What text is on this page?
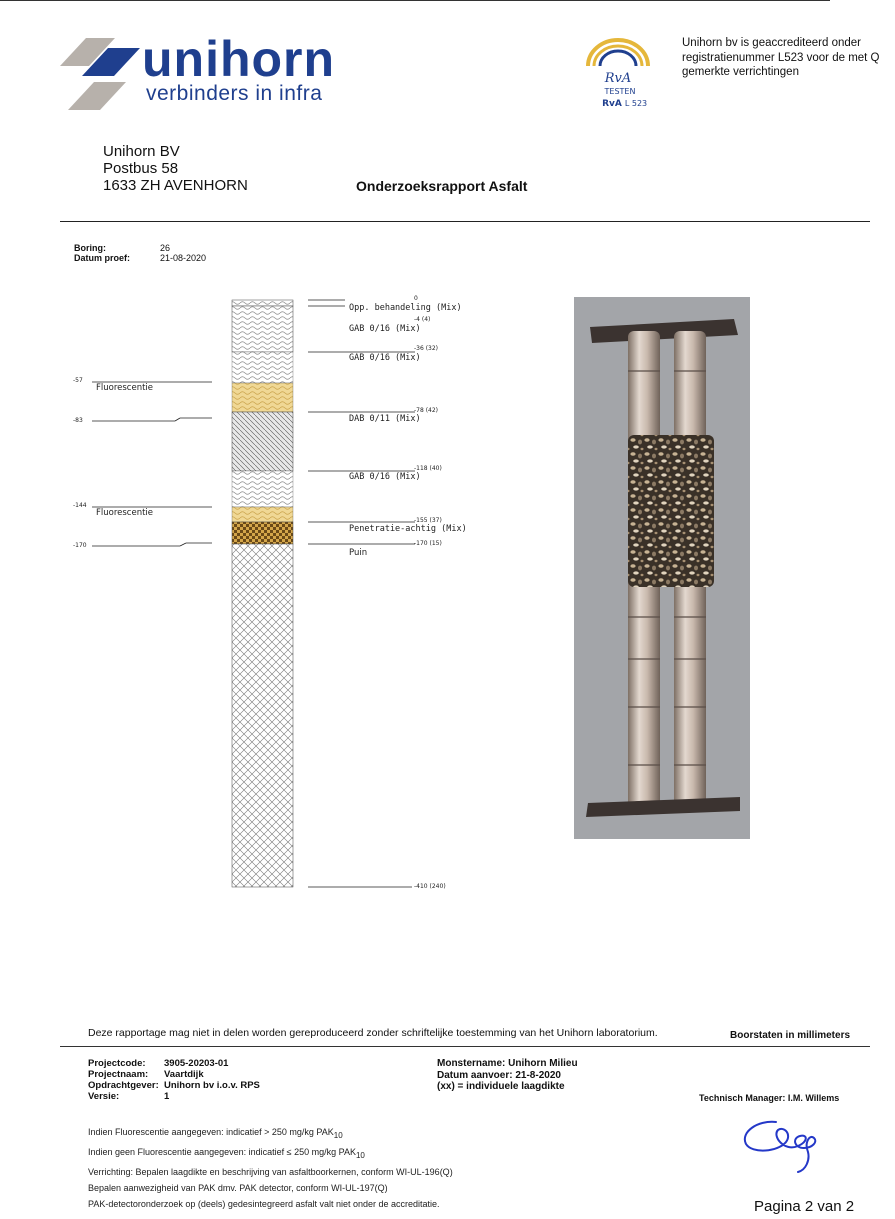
unihorn
verbinders in infra
RvA
TESTEN
RvA L 523
Unihorn bv is geaccrediteerd onder
registratienummer L523 voor de met Q
gemerkte verrichtingen
Unihorn BV
Postbus 58
1633 ZH AVENHORN	Onderzoeksrapport Asfalt
Boring:	26
Datum proef:	21-08-2020
0
Opp. behandeling (Mix)
-4 (4)
GAB 0/16 (Mix)
-36 (32)
GAB 0/16 (Mix)
-78 (42)
DAB 0/11 (Mix)
-118 (40)
GAB 0/16 (Mix)
-155 (37)
Penetratie-achtig (Mix)
-170 (15)
Puin
-410 (240)
-57
Fluorescentie
-83
-144
Fluorescentie
-170
Deze rapportage mag niet in delen worden gereproduceerd zonder schriftelijke toestemming van het Unihorn laboratorium.	Boorstaten in millimeters
Projectcode: 3905-20203-01
Projectnaam: Vaartdijk
Opdrachtgever: Unihorn bv i.o.v. RPS
Versie:	1
Monstername: Unihorn Milieu
Datum aanvoer: 21-8-2020
(xx) = individuele laagdikte
Technisch Manager: I.M. Willems
Indien Fluorescentie aangegeven: indicatief > 250 mg/kg $PAK_{10}$
Indien geen Fluorescentie aangegeven: indicatief ≤ 250 mg/kg $PAK_{10}$
Verrichting: Bepalen laagdikte en beschrijving van asfaltboorkernen, conform WI-UL-196(Q)
Bepalen aanwezigheid van PAK dmv. PAK detector, conform WI-UL-197(Q)
PAK-detectoronderzoek op (deels) gedesintegreerd asfalt valt niet onder de accreditatie.	Pagina 2 van 2
